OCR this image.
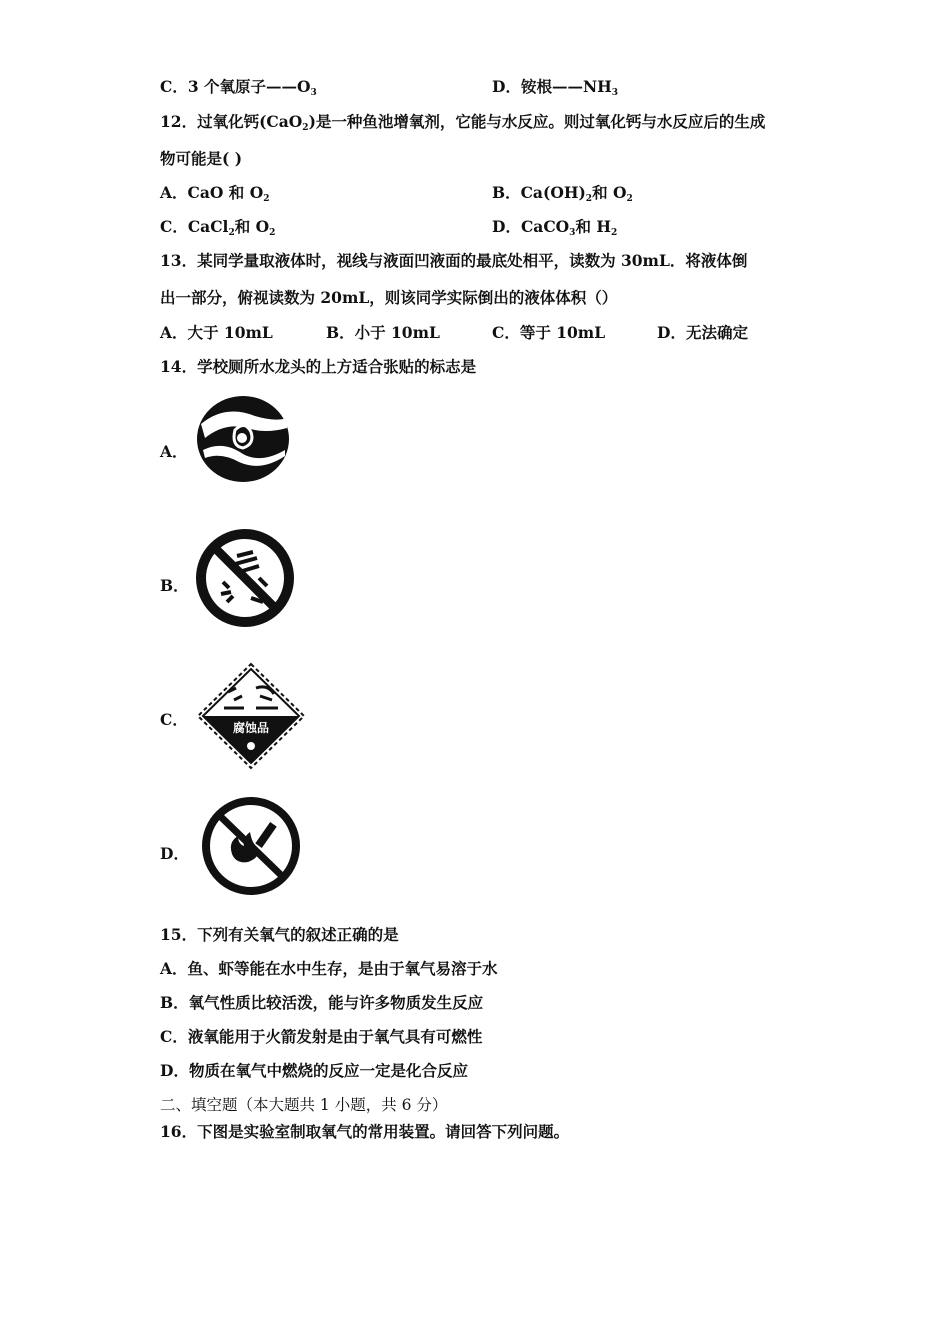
C．3 个氧原子$——O_3$	D．铵根$——NH_3$
12．过氧化钙(CaO$_2$)是一种鱼池增氧剂，它能与水反应。则过氧化钙与水反应后的生成
物可能是( )
A．CaO 和 $O_2$	B．$Ca(OH)_2$和 $O_2$
C．CaCl$_2$和 $O_2$	D．CaCO$_3$和 $H_2$
13．某同学量取液体时，视线与液面凹液面的最底处相平，读数为 30mL．将液体倒
出一部分，俯视读数为 20mL，则该同学实际倒出的液体体积（）
A．大于 10mL	B．小于 10mL	C．等于 10mL	D．无法确定
14．学校厕所水龙头的上方适合张贴的标志是
A．
B．
C．	腐蚀品
D．
15．下列有关氧气的叙述正确的是
A．鱼、虾等能在水中生存，是由于氧气易溶于水
B．氧气性质比较活泼，能与许多物质发生反应
C．液氧能用于火箭发射是由于氧气具有可燃性
D．物质在氧气中燃烧的反应一定是化合反应
二、填空题（本大题共 1 小题，共 6 分）
16．下图是实验室制取氧气的常用装置。请回答下列问题。
